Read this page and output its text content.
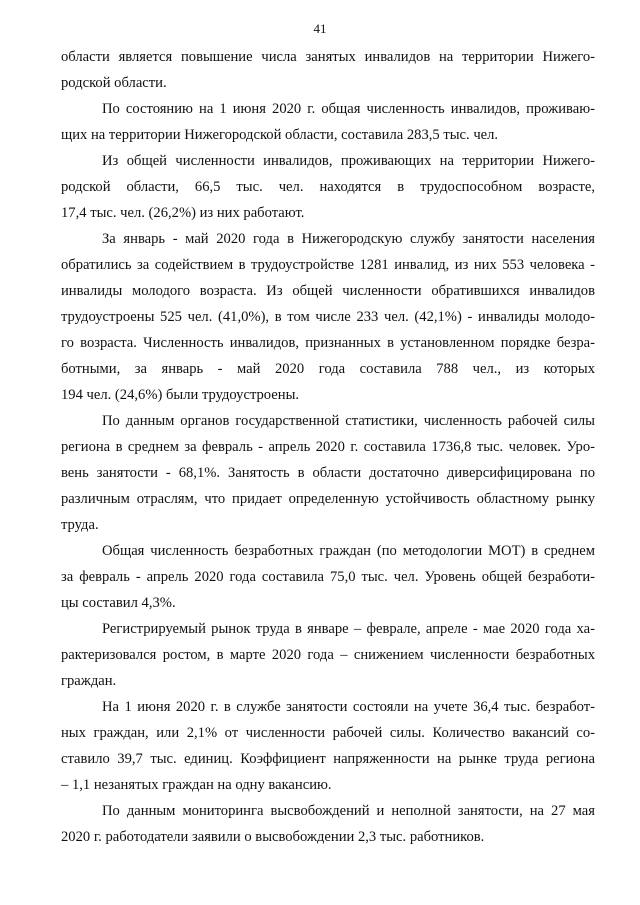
41
области является повышение числа занятых инвалидов на территории Нижего-
родской области.
По состоянию на 1 июня 2020 г. общая численность инвалидов, проживаю-
щих на территории Нижегородской области, составила 283,5 тыс. чел.
Из общей численности инвалидов, проживающих на территории Нижего-
родской области, 66,5 тыс. чел. находятся в трудоспособном возрасте,
17,4 тыс. чел. (26,2%) из них работают.
За январь - май 2020 года в Нижегородскую службу занятости населения
обратились за содействием в трудоустройстве 1281 инвалид, из них 553 человека -
инвалиды молодого возраста. Из общей численности обратившихся инвалидов
трудоустроены 525 чел. (41,0%), в том числе 233 чел. (42,1%) - инвалиды молодо-
го возраста. Численность инвалидов, признанных в установленном порядке безра-
ботными, за январь - май 2020 года составила 788 чел., из которых
194 чел. (24,6%) были трудоустроены.
По данным органов государственной статистики, численность рабочей силы
региона в среднем за февраль - апрель 2020 г. составила 1736,8 тыс. человек. Уро-
вень занятости - 68,1%. Занятость в области достаточно диверсифицирована по
различным отраслям, что придает определенную устойчивость областному рынку
труда.
Общая численность безработных граждан (по методологии МОТ) в среднем
за февраль - апрель 2020 года составила 75,0 тыс. чел. Уровень общей безработи-
цы составил 4,3%.
Регистрируемый рынок труда в январе – феврале, апреле - мае 2020 года ха-
рактеризовался ростом, в марте 2020 года – снижением численности безработных
граждан.
На 1 июня 2020 г. в службе занятости состояли на учете 36,4 тыс. безработ-
ных граждан, или 2,1% от численности рабочей силы. Количество вакансий со-
ставило 39,7 тыс. единиц. Коэффициент напряженности на рынке труда региона
– 1,1 незанятых граждан на одну вакансию.
По данным мониторинга высвобождений и неполной занятости, на 27 мая
2020 г. работодатели заявили о высвобождении 2,3 тыс. работников.
